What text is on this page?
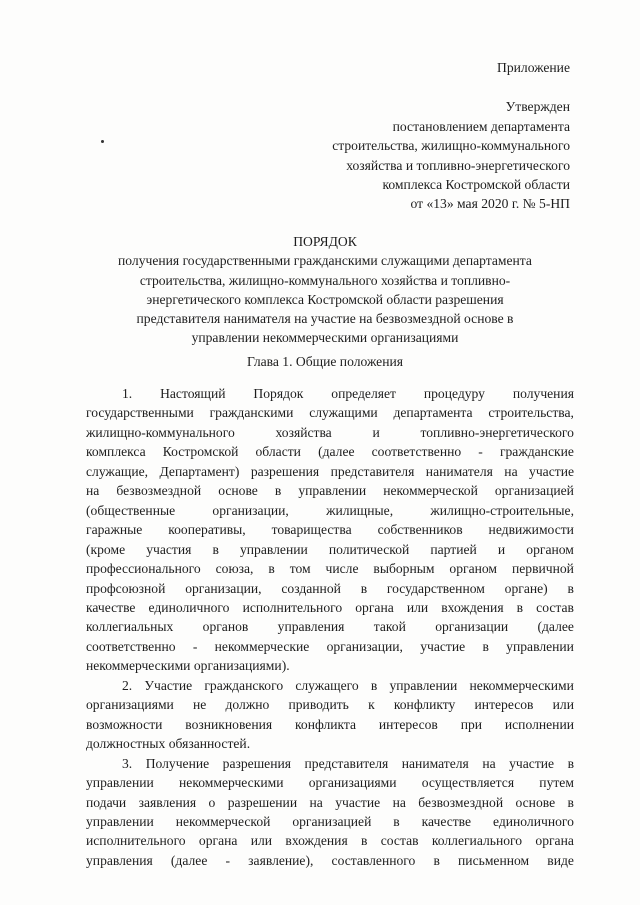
Приложение
Утвержден
постановлением департамента
строительства, жилищно-коммунального
хозяйства и топливно-энергетического
комплекса Костромской области
от «13» мая 2020 г. № 5-НП
ПОРЯДОК
получения государственными гражданскими служащими департамента
строительства, жилищно-коммунального хозяйства и топливно-
энергетического комплекса Костромской области разрешения
представителя нанимателя на участие на безвозмездной основе в
управлении некоммерческими организациями
Глава 1. Общие положения
1. Настоящий Порядок определяет процедуру получения
государственными гражданскими служащими департамента строительства,
жилищно-коммунального	хозяйства	и	топливно-энергетического
комплекса Костромской области (далее соответственно - гражданские
служащие, Департамент) разрешения представителя нанимателя на участие
на безвозмездной основе в управлении некоммерческой организацией
(общественные	организации,	жилищные,	жилищно-строительные,
гаражные кооперативы, товарищества собственников недвижимости
(кроме участия в управлении политической партией и органом
профессионального союза, в том числе выборным органом первичной
профсоюзной организации, созданной в государственном органе) в
качестве единоличного исполнительного органа или вхождения в состав
коллегиальных органов управления такой организации (далее
соответственно - некоммерческие организации, участие в управлении
некоммерческими организациями).
2. Участие гражданского служащего в управлении некоммерческими
организациями не должно приводить к конфликту интересов или
возможности возникновения конфликта интересов при исполнении
должностных обязанностей.
3. Получение разрешения представителя нанимателя на участие в
управлении некоммерческими организациями осуществляется путем
подачи заявления о разрешении на участие на безвозмездной основе в
управлении некоммерческой организацией в качестве единоличного
исполнительного органа или вхождения в состав коллегиального органа
управления (далее - заявление), составленного в письменном виде
